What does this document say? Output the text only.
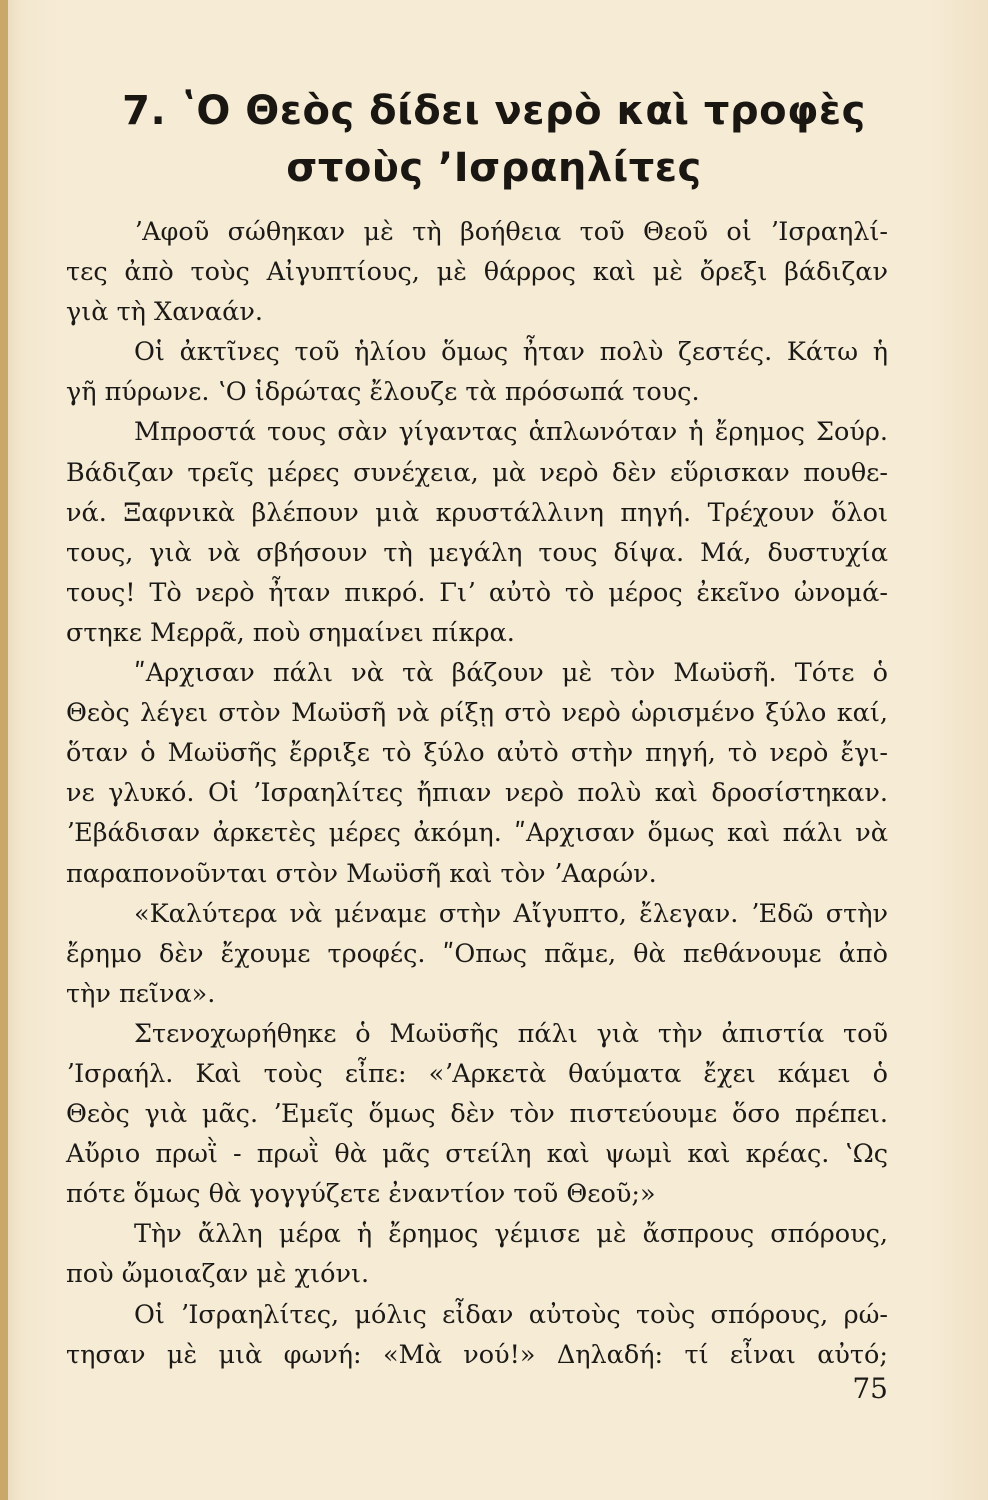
7. ʽΟ Θεὸς δίδει νερὸ καὶ τροφὲς
στοὺς ʼΙσραηλίτες
ʼΑφοῦ σώθηκαν μὲ τὴ βοήθεια τοῦ Θεοῦ οἱ ʼΙσραηλί-
τες ἀπὸ τοὺς Αἰγυπτίους, μὲ θάρρος καὶ μὲ ὄρεξι βάδιζαν
γιὰ τὴ Χαναάν.
Οἱ ἀκτῖνες τοῦ ἡλίου ὅμως ἦταν πολὺ ζεστές. Κάτω ἡ
γῆ πύρωνε. ʽΟ ἱδρώτας ἔλουζε τὰ πρόσωπά τους.
Μπροστά τους σὰν γίγαντας ἁπλωνόταν ἡ ἔρημος Σούρ.
Βάδιζαν τρεῖς μέρες συνέχεια, μὰ νερὸ δὲν εὕρισκαν πουθε-
νά. Ξαφνικὰ βλέπουν μιὰ κρυστάλλινη πηγή. Τρέχουν ὅλοι
τους, γιὰ νὰ σβήσουν τὴ μεγάλη τους δίψα. Μά, δυστυχία
τους! Τὸ νερὸ ἦταν πικρό. Γιʼ αὐτὸ τὸ μέρος ἐκεῖνο ὠνομά-
στηκε Μερρᾶ, ποὺ σημαίνει πίκρα.
ʺΑρχισαν πάλι νὰ τὰ βάζουν μὲ τὸν Μωϋσῆ. Τότε ὁ
Θεὸς λέγει στὸν Μωϋσῆ νὰ ρίξῃ στὸ νερὸ ὡρισμένο ξύλο καί,
ὅταν ὁ Μωϋσῆς ἔρριξε τὸ ξύλο αὐτὸ στὴν πηγή, τὸ νερὸ ἔγι-
νε γλυκό. Οἱ ʼΙσραηλίτες ἤπιαν νερὸ πολὺ καὶ δροσίστηκαν.
ʼΕβάδισαν ἀρκετὲς μέρες ἀκόμη. ʺΑρχισαν ὅμως καὶ πάλι νὰ
παραπονοῦνται στὸν Μωϋσῆ καὶ τὸν ʼΑαρών.
«Καλύτερα νὰ μέναμε στὴν Αἴγυπτο, ἔλεγαν. ʼΕδῶ στὴν
ἔρημο δὲν ἔχουμε τροφές. ʺΟπως πᾶμε, θὰ πεθάνουμε ἀπὸ
τὴν πεῖνα».
Στενοχωρήθηκε ὁ Μωϋσῆς πάλι γιὰ τὴν ἀπιστία τοῦ
ʼΙσραήλ. Καὶ τοὺς εἶπε: «ʼΑρκετὰ θαύματα ἔχει κάμει ὁ
Θεὸς γιὰ μᾶς. ʼΕμεῖς ὅμως δὲν τὸν πιστεύουμε ὅσο πρέπει.
Αὔριο πρωῒ - πρωῒ θὰ μᾶς στείλη καὶ ψωμὶ καὶ κρέας. ʽΩς
πότε ὅμως θὰ γογγύζετε ἐναντίον τοῦ Θεοῦ;»
Τὴν ἄλλη μέρα ἡ ἔρημος γέμισε μὲ ἄσπρους σπόρους,
ποὺ ὤμοιαζαν μὲ χιόνι.
Οἱ ʼΙσραηλίτες, μόλις εἶδαν αὐτοὺς τοὺς σπόρους, ρώ-
τησαν μὲ μιὰ φωνή: «Μὰ νού!» Δηλαδή: τί εἶναι αὐτό;
75
